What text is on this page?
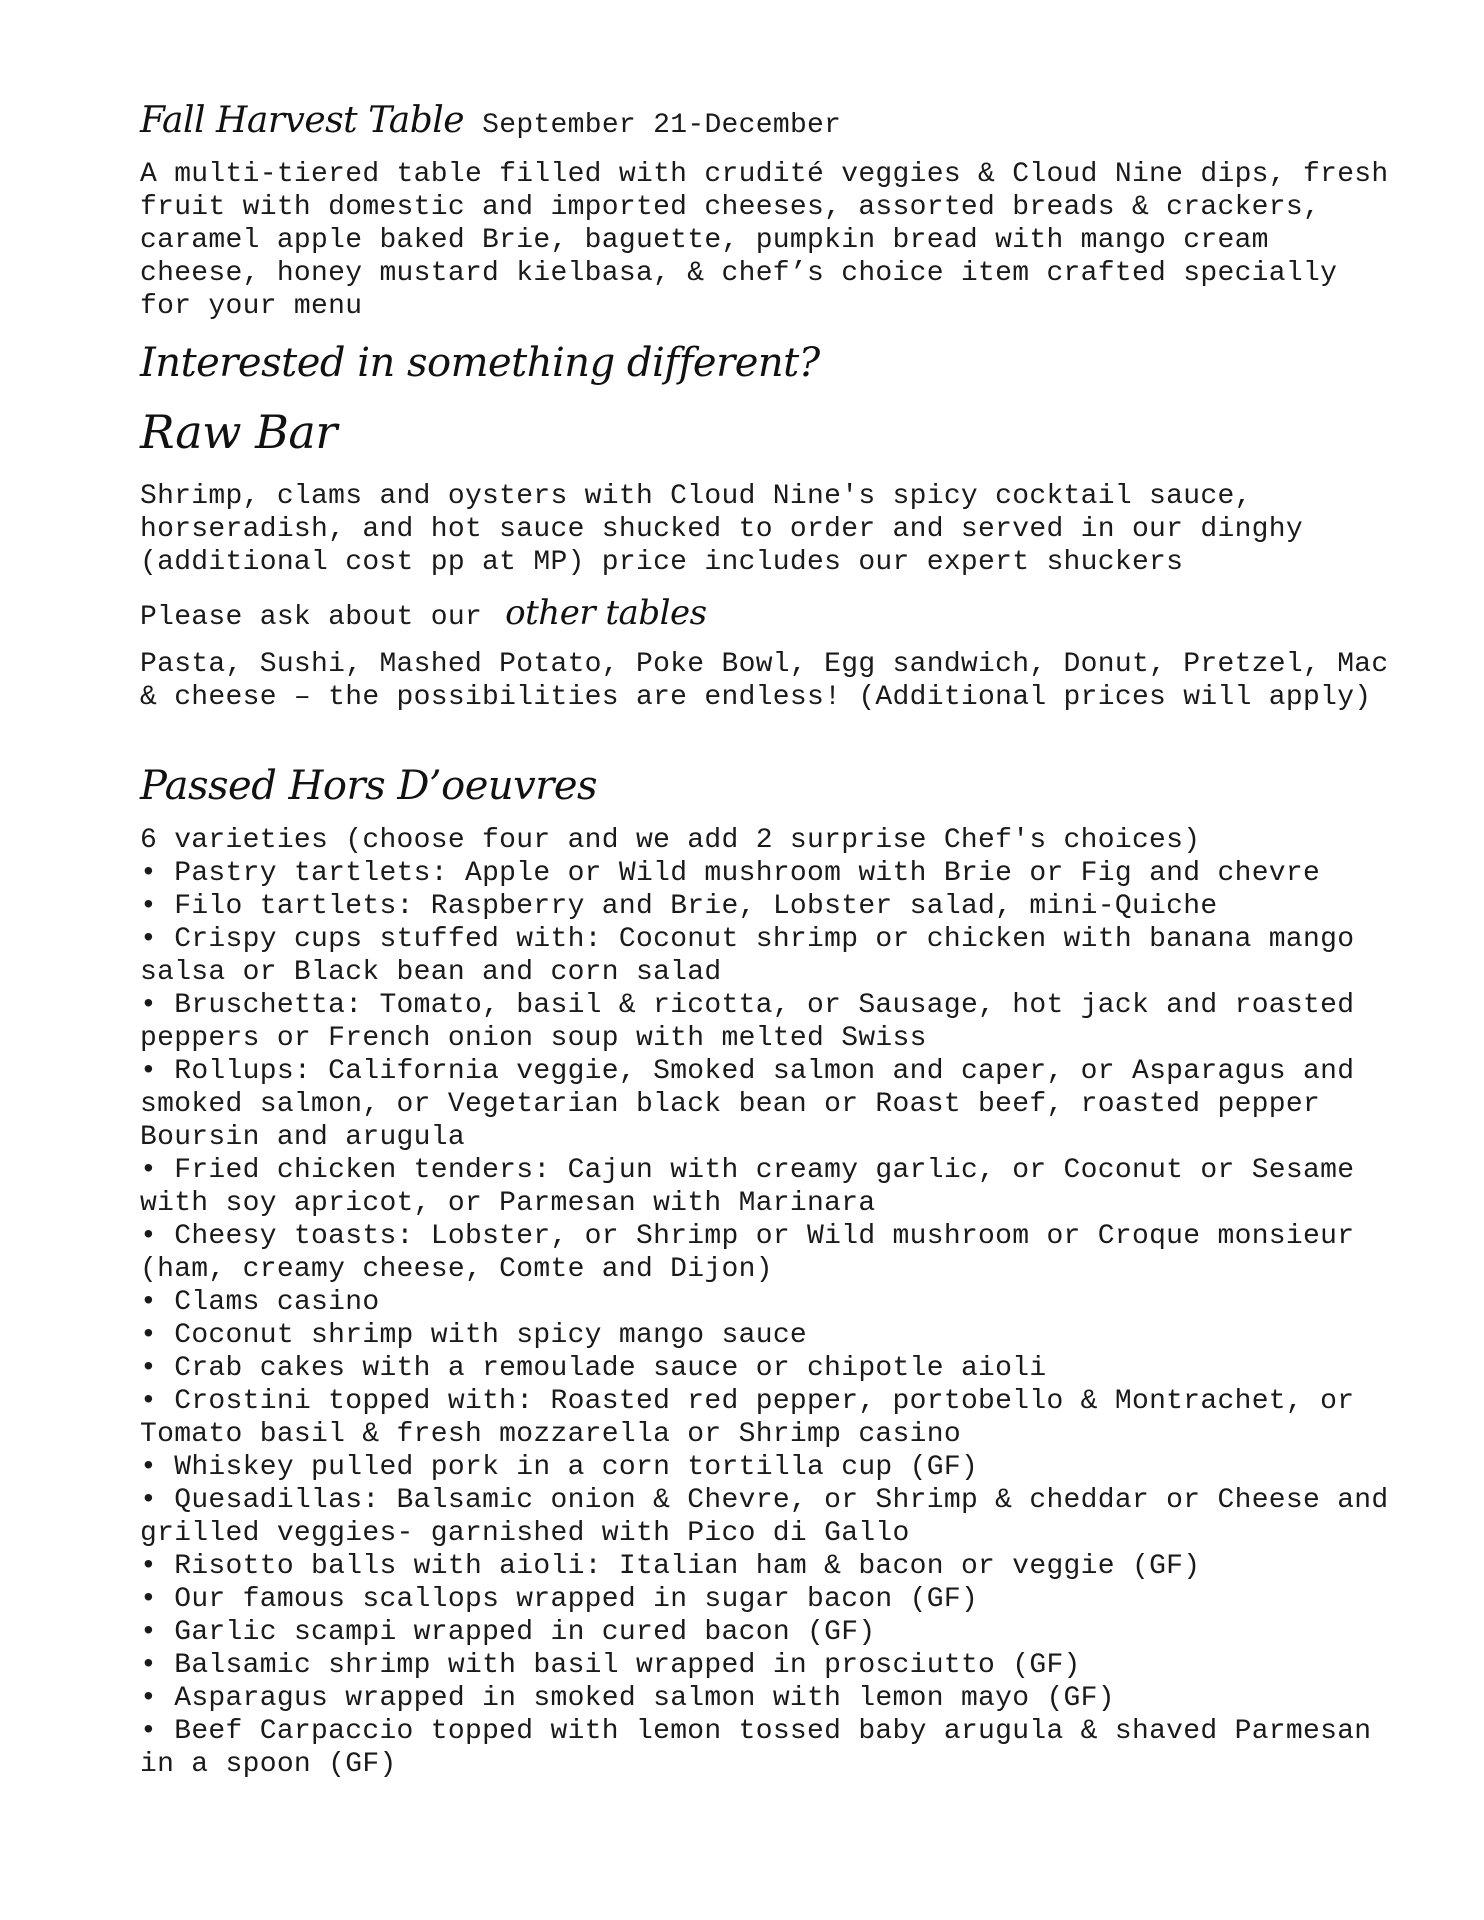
Fall Harvest Table September 21-December

A multi-tiered table filled with crudité veggies & Cloud Nine dips, fresh fruit with domestic and imported cheeses, assorted breads & crackers, caramel apple baked Brie, baguette, pumpkin bread with mango cream cheese, honey mustard kielbasa, & chef’s choice item crafted specially for your menu

Interested in something different?
Raw Bar

Shrimp, clams and oysters with Cloud Nine's spicy cocktail sauce, horseradish, and hot sauce shucked to order and served in our dinghy (additional cost pp at MP) price includes our expert shuckers

Please ask about our other tables

Pasta, Sushi, Mashed Potato, Poke Bowl, Egg sandwich, Donut, Pretzel, Mac & cheese – the possibilities are endless! (Additional prices will apply)

Passed Hors D’oeuvres

6 varieties (choose four and we add 2 surprise Chef's choices)

• Pastry tartlets: Apple or Wild mushroom with Brie or Fig and chevre
• Filo tartlets: Raspberry and Brie, Lobster salad, mini-Quiche
• Crispy cups stuffed with: Coconut shrimp or chicken with banana mango salsa or Black bean and corn salad
• Bruschetta: Tomato, basil & ricotta, or Sausage, hot jack and roasted peppers or French onion soup with melted Swiss
• Rollups: California veggie, Smoked salmon and caper, or Asparagus and smoked salmon, or Vegetarian black bean or Roast beef, roasted pepper Boursin and arugula
• Fried chicken tenders: Cajun with creamy garlic, or Coconut or Sesame with soy apricot, or Parmesan with Marinara
• Cheesy toasts: Lobster, or Shrimp or Wild mushroom or Croque monsieur (ham, creamy cheese, Comte and Dijon)
• Clams casino
• Coconut shrimp with spicy mango sauce
• Crab cakes with a remoulade sauce or chipotle aioli
• Crostini topped with: Roasted red pepper, portobello & Montrachet, or Tomato basil & fresh mozzarella or Shrimp casino
• Whiskey pulled pork in a corn tortilla cup (GF)
• Quesadillas: Balsamic onion & Chevre, or Shrimp & cheddar or Cheese and grilled veggies- garnished with Pico di Gallo
• Risotto balls with aioli: Italian ham & bacon or veggie (GF)
• Our famous scallops wrapped in sugar bacon (GF)
• Garlic scampi wrapped in cured bacon (GF)
• Balsamic shrimp with basil wrapped in prosciutto (GF)
• Asparagus wrapped in smoked salmon with lemon mayo (GF)
• Beef Carpaccio topped with lemon tossed baby arugula & shaved Parmesan in a spoon (GF)
